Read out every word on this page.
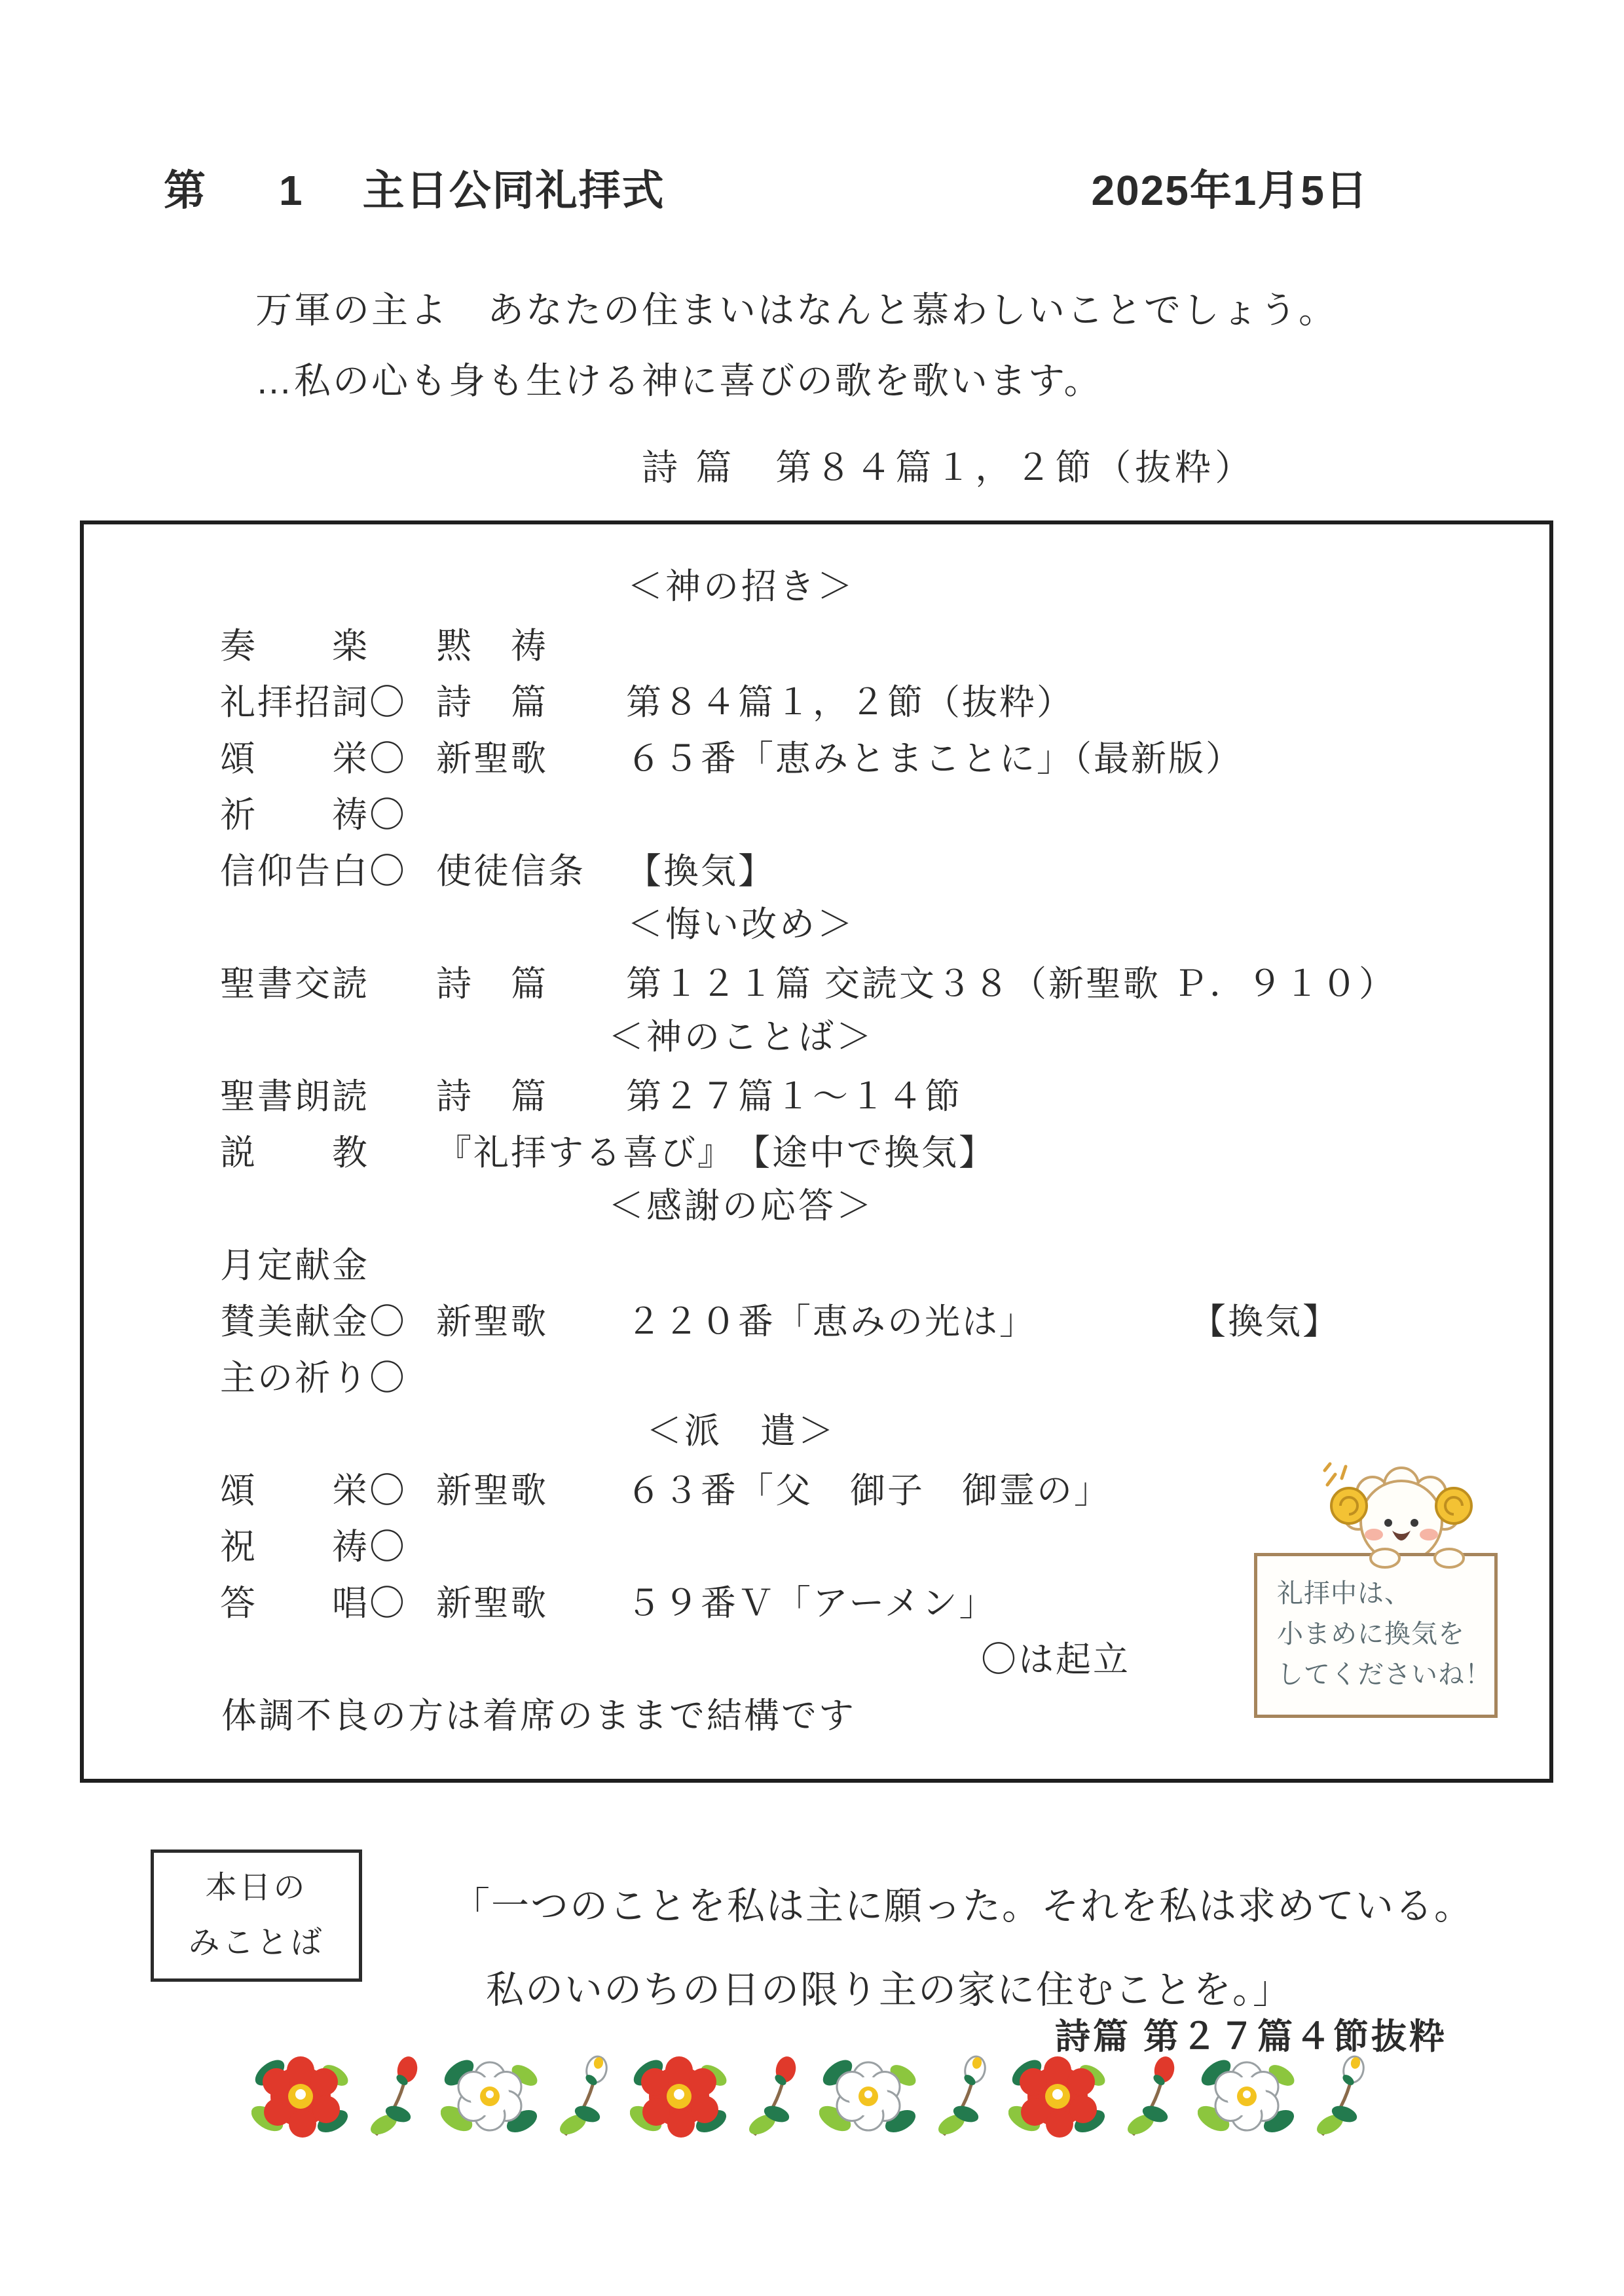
第 1 主日公同礼拝式	2025年1月5日
万軍の主よ　あなたの住まいはなんと慕わしいことでしょう。
…私の心も身も生ける神に喜びの歌を歌います。
詩 篇　第８４篇１，２節（抜粋）
＜神の招き＞
奏　　楽	黙　祷
礼拝招詞〇 詩　篇	第８４篇１，２節（抜粋）
頌　　栄〇 新聖歌	６５番「恵みとまことに」（最新版）
祈　　祷〇
信仰告白〇 使徒信条	【換気】
＜悔い改め＞
聖書交読	詩　篇	第１２１篇 交読文３８（新聖歌 Ｐ．９１０）
＜神のことば＞
聖書朗読	詩　篇	第２７篇１～１４節
説　　教	『礼拝する喜び』 【途中で換気】
＜感謝の応答＞
月定献金
賛美献金〇 新聖歌	２２０番「恵みの光は」	【換気】
主の祈り〇
＜派　遣＞
頌　　栄〇 新聖歌	６３番「父　御子　御霊の」
祝　　祷〇
答　　唱〇 新聖歌	５９番Ｖ「アーメン」
〇は起立
体調不良の方は着席のままで結構です
礼拝中は、
小まめに換気を
してくださいね！
本日の
みことば
「一つのことを私は主に願った。それを私は求めている。
私のいのちの日の限り主の家に住むことを。」
詩篇 第２７篇４節抜粋
